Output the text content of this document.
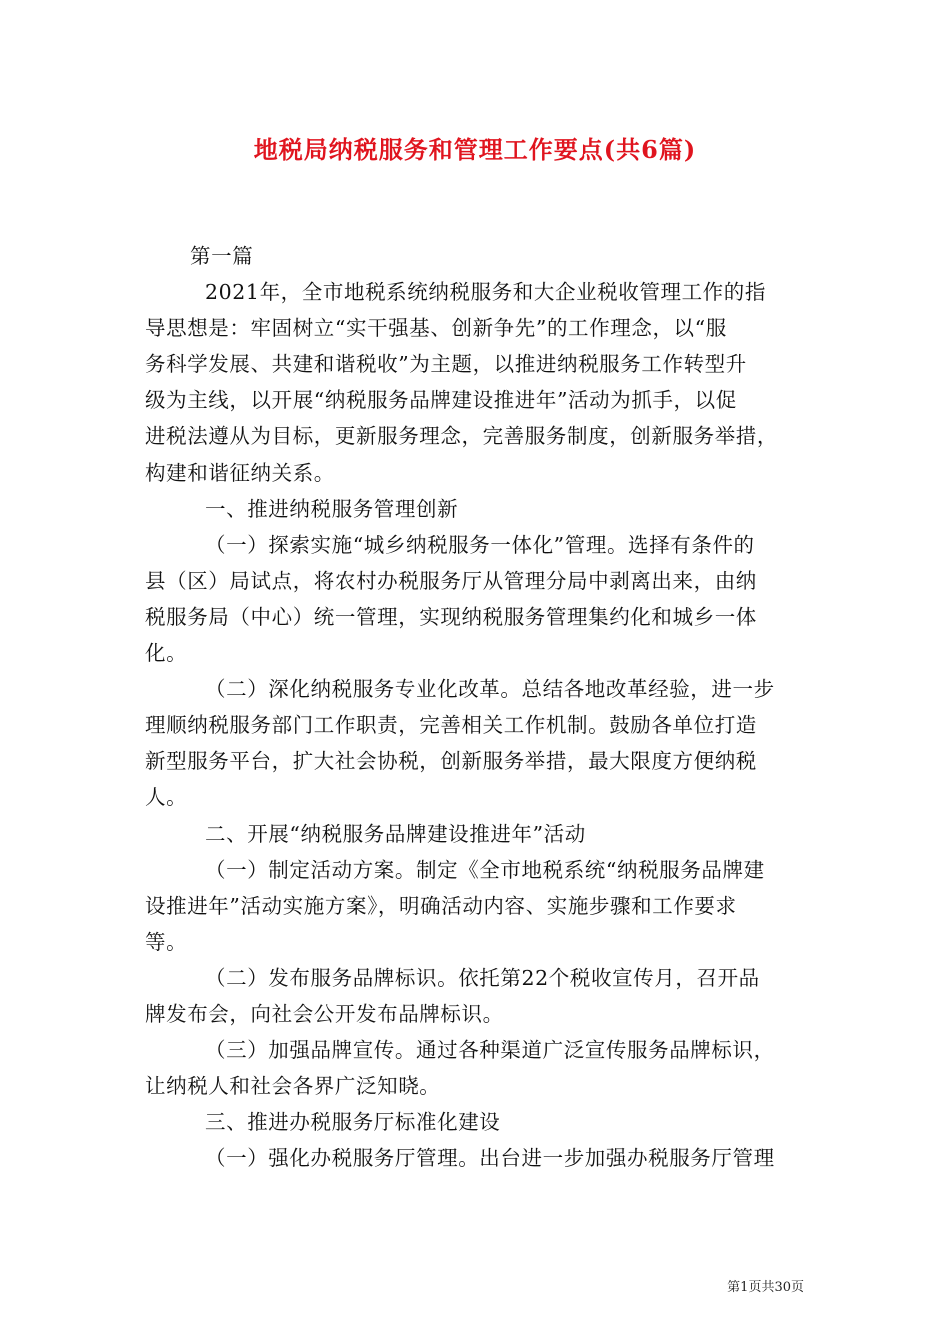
地税局纳税服务和管理工作要点(共6篇)
第一篇
2021年，全市地税系统纳税服务和大企业税收管理工作的指
导思想是：牢固树立“实干强基、创新争先”的工作理念，以“服
务科学发展、共建和谐税收”为主题，以推进纳税服务工作转型升
级为主线，以开展“纳税服务品牌建设推进年”活动为抓手，以促
进税法遵从为目标，更新服务理念，完善服务制度，创新服务举措，
构建和谐征纳关系。
一、推进纳税服务管理创新
（一）探索实施“城乡纳税服务一体化”管理。选择有条件的
县（区）局试点，将农村办税服务厅从管理分局中剥离出来，由纳
税服务局（中心）统一管理，实现纳税服务管理集约化和城乡一体
化。
（二）深化纳税服务专业化改革。总结各地改革经验，进一步
理顺纳税服务部门工作职责，完善相关工作机制。鼓励各单位打造
新型服务平台，扩大社会协税，创新服务举措，最大限度方便纳税
人。
二、开展“纳税服务品牌建设推进年”活动
（一）制定活动方案。制定《全市地税系统“纳税服务品牌建
设推进年”活动实施方案》，明确活动内容、实施步骤和工作要求
等。
（二）发布服务品牌标识。依托第22个税收宣传月，召开品
牌发布会，向社会公开发布品牌标识。
（三）加强品牌宣传。通过各种渠道广泛宣传服务品牌标识，
让纳税人和社会各界广泛知晓。
三、推进办税服务厅标准化建设
（一）强化办税服务厅管理。出台进一步加强办税服务厅管理
第1页共30页
